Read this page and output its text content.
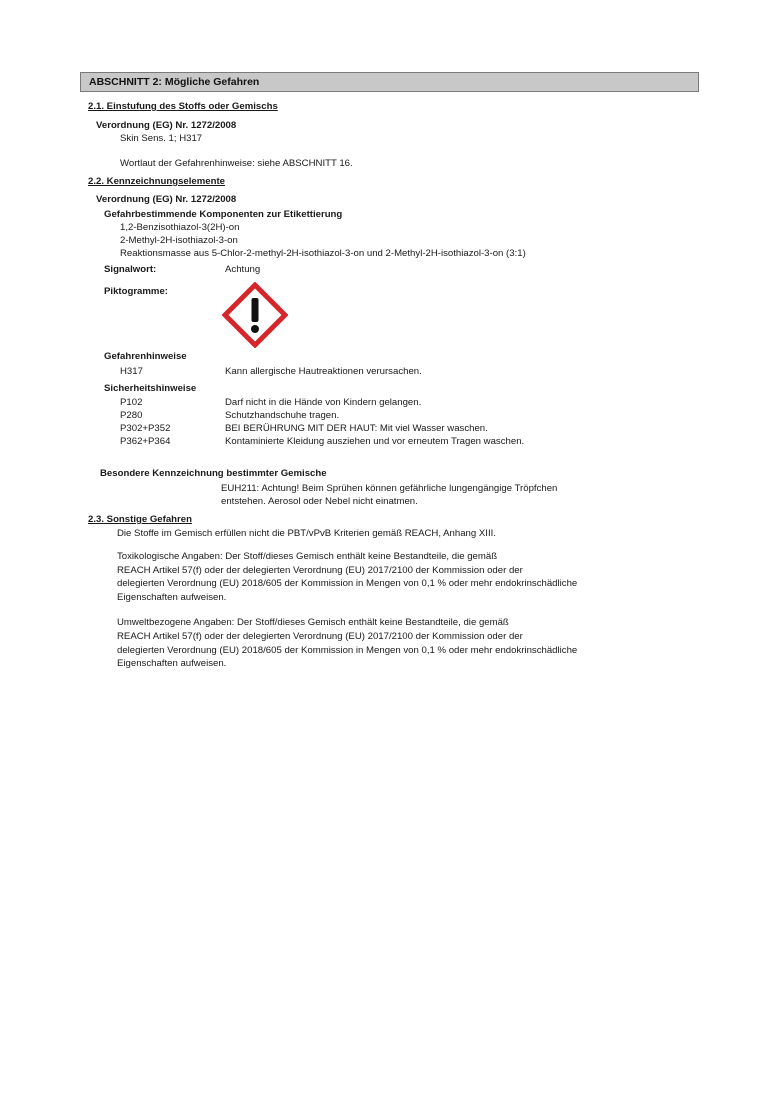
ABSCHNITT 2: Mögliche Gefahren
2.1. Einstufung des Stoffs oder Gemischs
Verordnung (EG) Nr. 1272/2008
Skin Sens. 1; H317
Wortlaut der Gefahrenhinweise: siehe ABSCHNITT 16.
2.2. Kennzeichnungselemente
Verordnung (EG) Nr. 1272/2008
Gefahrbestimmende Komponenten zur Etikettierung
1,2-Benzisothiazol-3(2H)-on
2-Methyl-2H-isothiazol-3-on
Reaktionsmasse aus 5-Chlor-2-methyl-2H-isothiazol-3-on und 2-Methyl-2H-isothiazol-3-on (3:1)
Signalwort:	Achtung
Piktogramme:
Gefahrenhinweise
H317	Kann allergische Hautreaktionen verursachen.
Sicherheitshinweise
P102	Darf nicht in die Hände von Kindern gelangen.
P280	Schutzhandschuhe tragen.
P302+P352	BEI BERÜHRUNG MIT DER HAUT: Mit viel Wasser waschen.
P362+P364	Kontaminierte Kleidung ausziehen und vor erneutem Tragen waschen.
Besondere Kennzeichnung bestimmter Gemische
EUH211: Achtung! Beim Sprühen können gefährliche lungengängige Tröpfchen
entstehen. Aerosol oder Nebel nicht einatmen.
2.3. Sonstige Gefahren
Die Stoffe im Gemisch erfüllen nicht die PBT/vPvB Kriterien gemäß REACH, Anhang XIII.
Toxikologische Angaben: Der Stoff/dieses Gemisch enthält keine Bestandteile, die gemäß
REACH Artikel 57(f) oder der delegierten Verordnung (EU) 2017/2100 der Kommission oder der
delegierten Verordnung (EU) 2018/605 der Kommission in Mengen von 0,1 % oder mehr endokrinschädliche
Eigenschaften aufweisen.
Umweltbezogene Angaben: Der Stoff/dieses Gemisch enthält keine Bestandteile, die gemäß
REACH Artikel 57(f) oder der delegierten Verordnung (EU) 2017/2100 der Kommission oder der
delegierten Verordnung (EU) 2018/605 der Kommission in Mengen von 0,1 % oder mehr endokrinschädliche
Eigenschaften aufweisen.
